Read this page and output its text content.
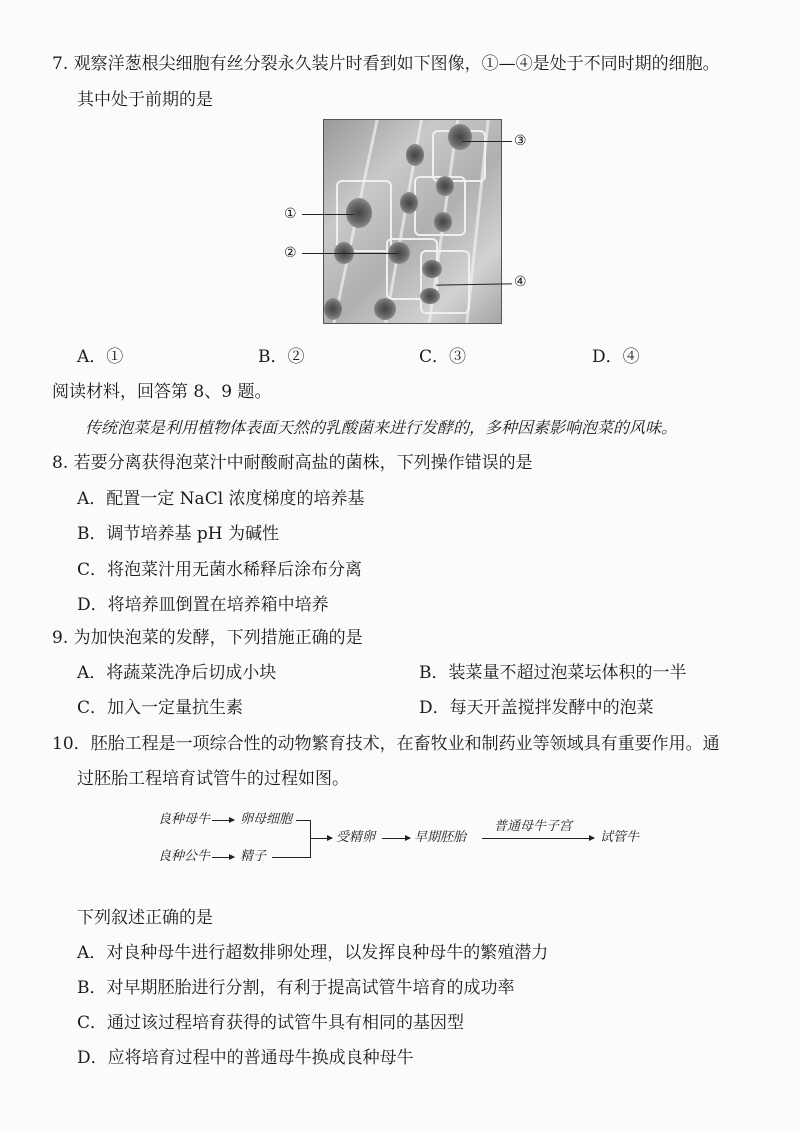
7. 观察洋葱根尖细胞有丝分裂永久装片时看到如下图像，①—④是处于不同时期的细胞。
其中处于前期的是
①
②
③
④
A．①	B．②	C．③	D．④
阅读材料，回答第 8、9 题。
传统泡菜是利用植物体表面天然的乳酸菌来进行发酵的，多种因素影响泡菜的风味。
8. 若要分离获得泡菜汁中耐酸耐高盐的菌株，下列操作错误的是
A．配置一定 NaCl 浓度梯度的培养基
B．调节培养基 pH 为碱性
C．将泡菜汁用无菌水稀释后涂布分离
D．将培养皿倒置在培养箱中培养
9. 为加快泡菜的发酵，下列措施正确的是
A．将蔬菜洗净后切成小块	B．装菜量不超过泡菜坛体积的一半
C．加入一定量抗生素	D．每天开盖搅拌发酵中的泡菜
10．胚胎工程是一项综合性的动物繁育技术，在畜牧业和制药业等领域具有重要作用。通
过胚胎工程培育试管牛的过程如图。
良种母牛 卵母细胞
良种公牛 精子
受精卵	早期胚胎
普通母牛子宫
试管牛
下列叙述正确的是
A．对良种母牛进行超数排卵处理，以发挥良种母牛的繁殖潜力
B．对早期胚胎进行分割，有利于提高试管牛培育的成功率
C．通过该过程培育获得的试管牛具有相同的基因型
D．应将培育过程中的普通母牛换成良种母牛
